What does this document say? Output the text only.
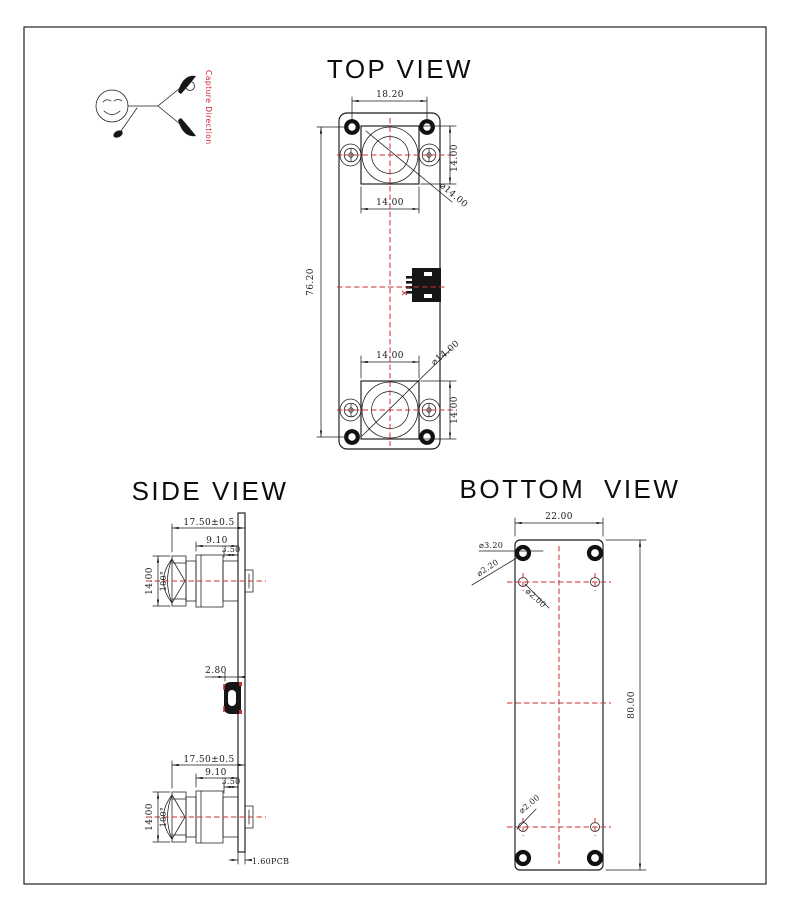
Capture Direction
TOP VIEW
18.20
14.00
14.00	⌀14.00
76.20
14.00	⌀14.00
14.00
SIDE VIEW
17.50±0.5
9.10
3.50
14.00 100°
2.80
17.50±0.5
9.10
3.50
14.00 100°
1.60PCB
BOTTOM VIEW
22.00
80.00
⌀3.20
⌀2.20
⌀2.00
⌀2.00
